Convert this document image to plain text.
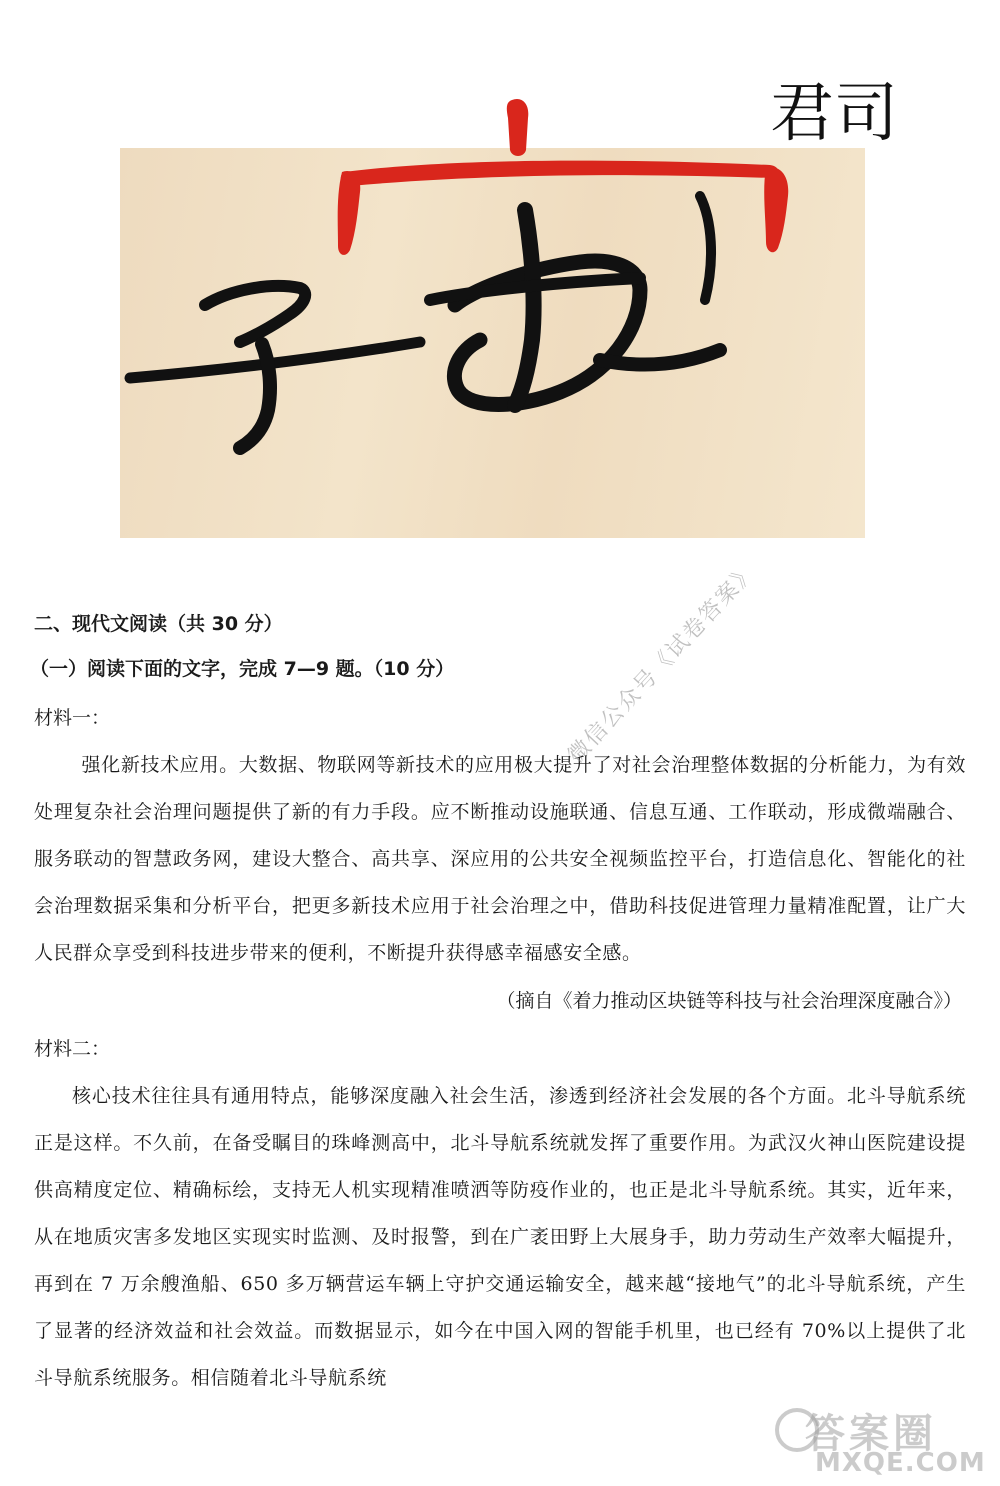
君司

二、现代文阅读（共 30 分）

（一）阅读下面的文字，完成 7—9 题。（10 分）

材料一：

强化新技术应用。大数据、物联网等新技术的应用极大提升了对社会治理整体数据的分析能力，为有效处理复杂社会治理问题提供了新的有力手段。应不断推动设施联通、信息互通、工作联动，形成微端融合、服务联动的智慧政务网，建设大整合、高共享、深应用的公共安全视频监控平台，打造信息化、智能化的社会治理数据采集和分析平台，把更多新技术应用于社会治理之中，借助科技促进管理力量精准配置，让广大人民群众享受到科技进步带来的便利，不断提升获得感幸福感安全感。

（摘自《着力推动区块链等科技与社会治理深度融合》）

材料二：

核心技术往往具有通用特点，能够深度融入社会生活，渗透到经济社会发展的各个方面。北斗导航系统正是这样。不久前，在备受瞩目的珠峰测高中，北斗导航系统就发挥了重要作用。为武汉火神山医院建设提供高精度定位、精确标绘，支持无人机实现精准喷洒等防疫作业的，也正是北斗导航系统。其实，近年来，从在地质灾害多发地区实现实时监测、及时报警，到在广袤田野上大展身手，助力劳动生产效率大幅提升，再到在 7 万余艘渔船、650 多万辆营运车辆上守护交通运输安全，越来越“接地气”的北斗导航系统，产生了显著的经济效益和社会效益。而数据显示，如今在中国入网的智能手机里，也已经有 70%以上提供了北斗导航系统服务。相信随着北斗导航系统

微信公众号《试卷答案》
答案圈
MXQE.COM
